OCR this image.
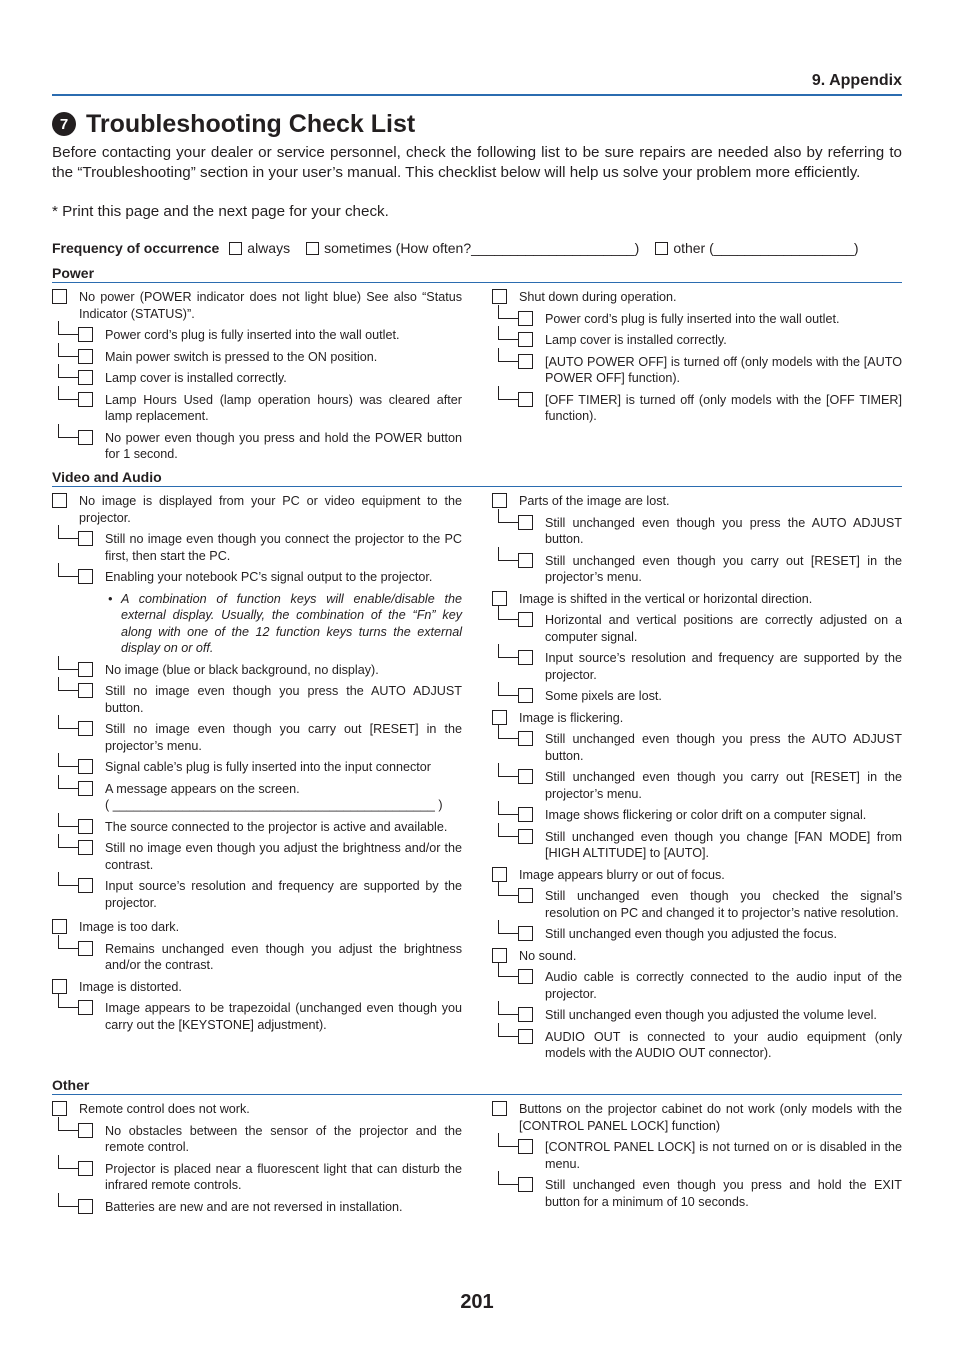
9. Appendix
7 Troubleshooting Check List
Before contacting your dealer or service personnel, check the following list to be sure repairs are needed also by referring to the “Troubleshooting” section in your user’s manual. This checklist below will help us solve your problem more efficiently.
* Print this page and the next page for your check.
Frequency of occurrence always sometimes (How often?_____________________) other (__________________)
Power
No power (POWER indicator does not light blue) See also “Status Indicator (STATUS)”.
Power cord’s plug is fully inserted into the wall outlet.
Main power switch is pressed to the ON position.
Lamp cover is installed correctly.
Lamp Hours Used (lamp operation hours) was cleared after lamp replacement.
No power even though you press and hold the POWER button for 1 second.
Shut down during operation.
Power cord’s plug is fully inserted into the wall outlet.
Lamp cover is installed correctly.
[AUTO POWER OFF] is turned off (only models with the [AUTO POWER OFF] function).
[OFF TIMER] is turned off (only models with the [OFF TIMER] function).
Video and Audio
No image is displayed from your PC or video equipment to the projector.
Still no image even though you connect the projector to the PC first, then start the PC.
Enabling your notebook PC’s signal output to the projector.
• A combination of function keys will enable/disable the external display. Usually, the combination of the “Fn” key along with one of the 12 function keys turns the external display on or off.
No image (blue or black background, no display).
Still no image even though you press the AUTO ADJUST button.
Still no image even though you carry out [RESET] in the projector’s menu.
Signal cable’s plug is fully inserted into the input connector
A message appears on the screen.
( ______________________________________________ )
The source connected to the projector is active and available.
Still no image even though you adjust the brightness and/or the contrast.
Input source’s resolution and frequency are supported by the projector.
Image is too dark.
Remains unchanged even though you adjust the brightness and/or the contrast.
Image is distorted.
Image appears to be trapezoidal (unchanged even though you carry out the [KEYSTONE] adjustment).
Parts of the image are lost.
Still unchanged even though you press the AUTO ADJUST button.
Still unchanged even though you carry out [RESET] in the projector’s menu.
Image is shifted in the vertical or horizontal direction.
Horizontal and vertical positions are correctly adjusted on a computer signal.
Input source’s resolution and frequency are supported by the projector.
Some pixels are lost.
Image is flickering.
Still unchanged even though you press the AUTO ADJUST button.
Still unchanged even though you carry out [RESET] in the projector’s menu.
Image shows flickering or color drift on a computer signal.
Still unchanged even though you change [FAN MODE] from [HIGH ALTITUDE] to [AUTO].
Image appears blurry or out of focus.
Still unchanged even though you checked the signal’s resolution on PC and changed it to projector’s native resolution.
Still unchanged even though you adjusted the focus.
No sound.
Audio cable is correctly connected to the audio input of the projector.
Still unchanged even though you adjusted the volume level.
AUDIO OUT is connected to your audio equipment (only models with the AUDIO OUT connector).
Other
Remote control does not work.
No obstacles between the sensor of the projector and the remote control.
Projector is placed near a fluorescent light that can disturb the infrared remote controls.
Batteries are new and are not reversed in installation.
Buttons on the projector cabinet do not work (only models with the [CONTROL PANEL LOCK] function)
[CONTROL PANEL LOCK] is not turned on or is disabled in the menu.
Still unchanged even though you press and hold the EXIT button for a minimum of 10 seconds.
201
